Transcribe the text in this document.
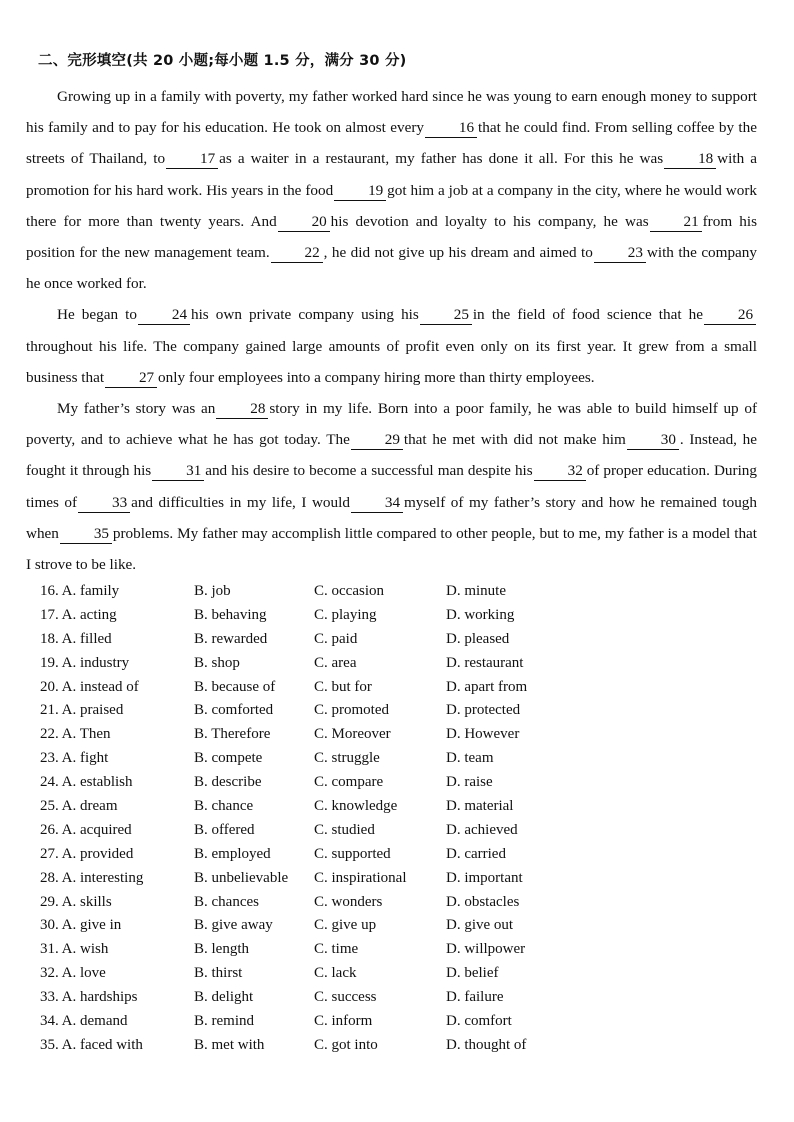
二、完形填空(共 20 小题;每小题 1.5 分，满分 30 分)

Growing up in a family with poverty, my father worked hard since he was young to earn enough money to support his family and to pay for his education. He took on almost every 16 that he could find. From selling coffee by the streets of Thailand, to 17 as a waiter in a restaurant, my father has done it all. For this he was 18 with a promotion for his hard work. His years in the food 19 got him a job at a company in the city, where he would work there for more than twenty years. And 20 his devotion and loyalty to his company, he was 21 from his position for the new management team. 22 , he did not give up his dream and aimed to 23 with the company he once worked for.

He began to 24 his own private company using his 25 in the field of food science that he 26throughout his life. The company gained large amounts of profit even only on its first year. It grew from a small business that 27 only four employees into a company hiring more than thirty employees.

My father’s story was an 28 story in my life. Born into a poor family, he was able to build himself up of poverty, and to achieve what he has got today. The 29 that he met with did not make him 30 . Instead, he fought it through his 31 and his desire to become a successful man despite his 32 of proper education. During times of 33 and difficulties in my life, I would 34 myself of my father’s story and how he remained tough when 35 problems. My father may accomplish little compared to other people, but to me, my father is a model that I strove to be like.

16. A. family	B. job	C. occasion	D. minute
17. A. acting	B. behaving	C. playing	D. working
18. A. filled	B. rewarded	C. paid	D. pleased
19. A. industry	B. shop	C. area	D. restaurant
20. A. instead of	B. because of	C. but for	D. apart from
21. A. praised	B. comforted	C. promoted	D. protected
22. A. Then	B. Therefore	C. Moreover	D. However
23. A. fight	B. compete	C. struggle	D. team
24. A. establish	B. describe	C. compare	D. raise
25. A. dream	B. chance	C. knowledge	D. material
26. A. acquired	B. offered	C. studied	D. achieved
27. A. provided	B. employed	C. supported	D. carried
28. A. interesting	B. unbelievable C. inspirational	D. important
29. A. skills	B. chances	C. wonders	D. obstacles
30. A. give in	B. give away	C. give up	D. give out
31. A. wish	B. length	C. time	D. willpower
32. A. love	B. thirst	C. lack	D. belief
33. A. hardships	B. delight	C. success	D. failure
34. A. demand	B. remind	C. inform	D. comfort
35. A. faced with	B. met with	C. got into	D. thought of
